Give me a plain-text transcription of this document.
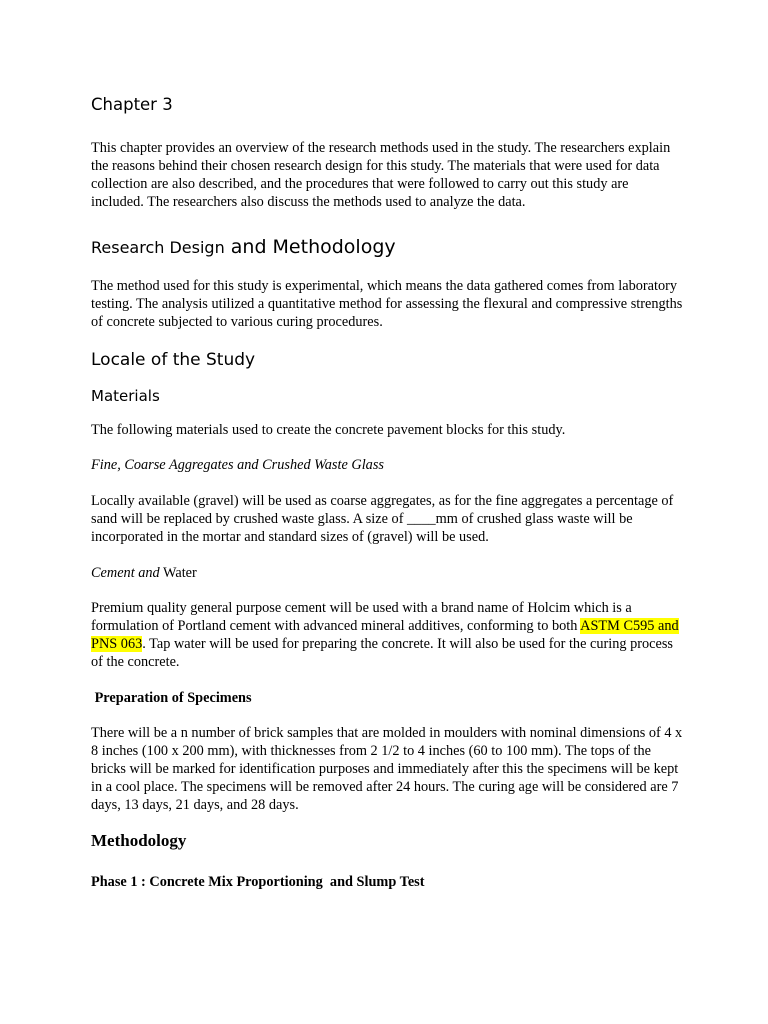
Chapter 3

This chapter provides an overview of the research methods used in the study. The researchers explain the reasons behind their chosen research design for this study. The materials that were used for data collection are also described, and the procedures that were followed to carry out this study are included. The researchers also discuss the methods used to analyze the data.

Research Design and Methodology

The method used for this study is experimental, which means the data gathered comes from laboratory testing. The analysis utilized a quantitative method for assessing the flexural and compressive strengths of concrete subjected to various curing procedures.

Locale of the Study
Materials

The following materials used to create the concrete pavement blocks for this study.

Fine, Coarse Aggregates and Crushed Waste Glass

Locally available (gravel) will be used as coarse aggregates, as for the fine aggregates a percentage of sand will be replaced by crushed waste glass. A size of ____mm of crushed glass waste will be incorporated in the mortar and standard sizes of (gravel) will be used.

Cement and Water

Premium quality general purpose cement will be used with a brand name of Holcim which is a formulation of Portland cement with advanced mineral additives, conforming to both ASTM C595 and PNS 063. Tap water will be used for preparing the concrete. It will also be used for the curing process of the concrete.

Preparation of Specimens

There will be a n number of brick samples that are molded in moulders with nominal dimensions of 4 x 8 inches (100 x 200 mm), with thicknesses from 2 1/2 to 4 inches (60 to 100 mm). The tops of the bricks will be marked for identification purposes and immediately after this the specimens will be kept in a cool place. The specimens will be removed after 24 hours. The curing age will be considered are 7 days, 13 days, 21 days, and 28 days.

Methodology

Phase 1 : Concrete Mix Proportioning  and Slump Test
